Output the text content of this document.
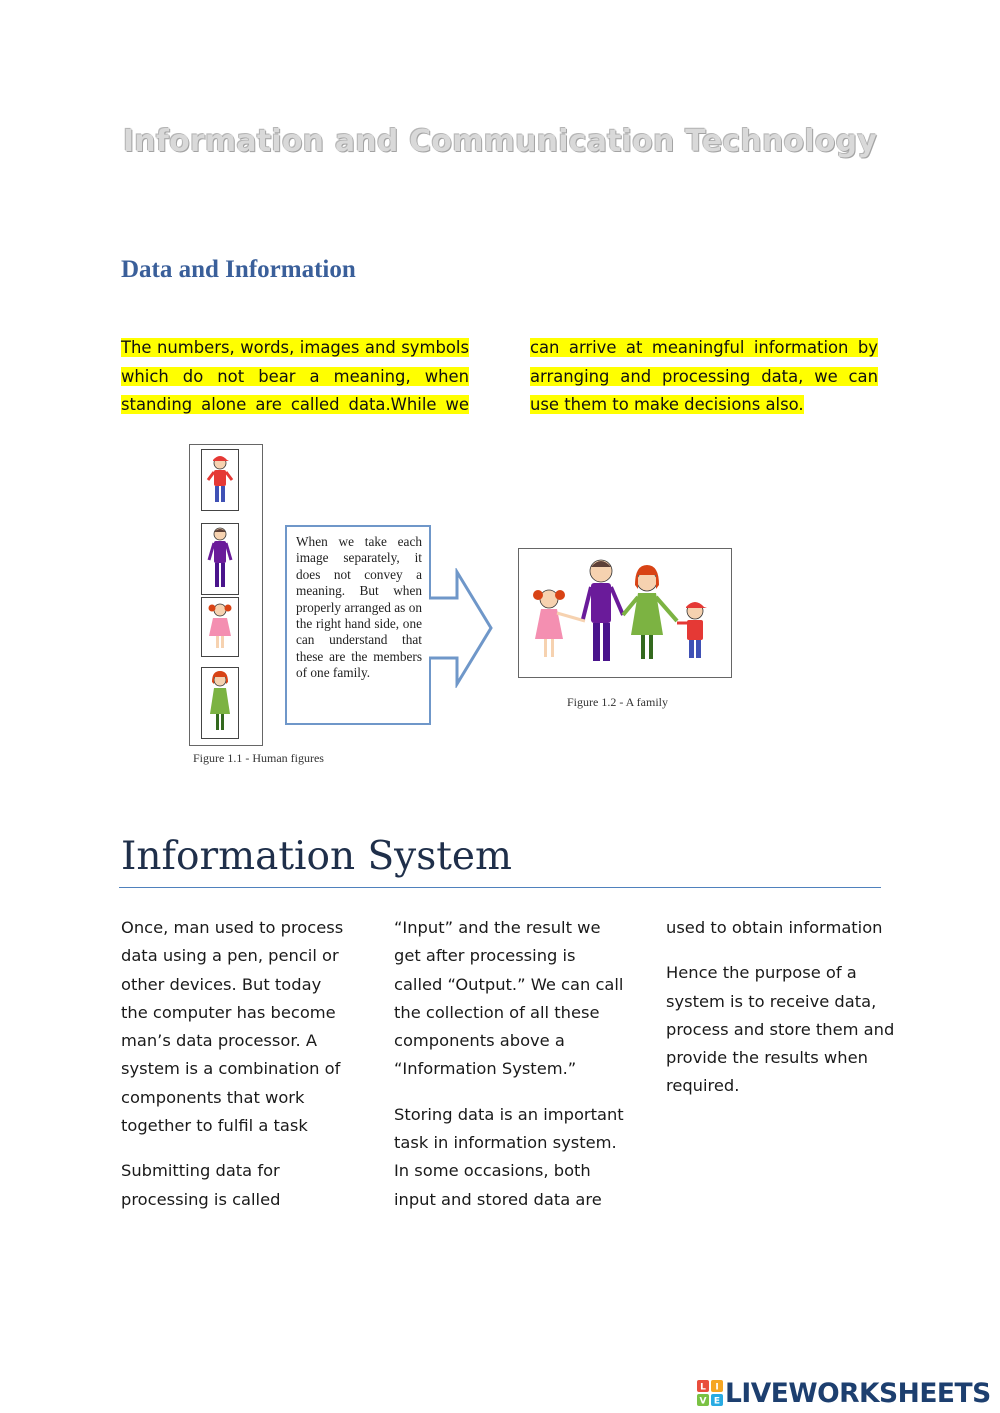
Information and Communication Technology
Data and Information

The numbers, words, images and symbols which do not bear a meaning, when standing alone are called data.While we

can arrive at meaningful information by arranging and processing data, we can use them to make decisions also.

Figure 1.1 - Human figures
When we take each image separately, it does not convey a meaning. But when properly arranged as on the right hand side, one can understand that these are the members of one family.
Figure 1.2 - A family
Information System

Once, man used to process data using a pen, pencil or other devices. But today the computer has become man’s data processor. A system is a combination of components that work together to fulfil a task

Submitting data for processing is called

“Input” and the result we get after processing is called “Output.” We can call the collection of all these components above a “Information System.”

Storing data is an important task in information system. In some occasions, both input and stored data are

used to obtain information

Hence the purpose of a system is to receive data, process and store them and provide the results when required.

L I
V E LIVEWORKSHEETS
